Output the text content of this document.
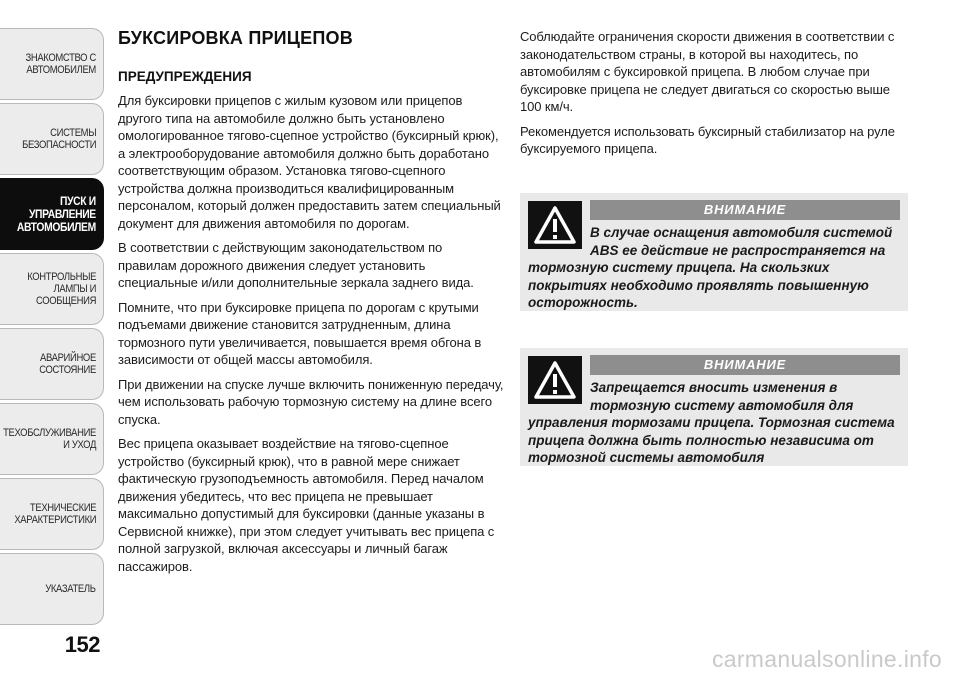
ЗНАКОМСТВО С
АВТОМОБИЛЕМ
СИСТЕМЫ
БЕЗОПАСНОСТИ
ПУСК И
УПРАВЛЕНИЕ
АВТОМОБИЛЕМ
КОНТРОЛЬНЫЕ
ЛАМПЫ И
СООБЩЕНИЯ
АВАРИЙНОЕ
СОСТОЯНИЕ
ТЕХОБСЛУЖИВАНИЕ
И УХОД
ТЕХНИЧЕСКИЕ
ХАРАКТЕРИСТИКИ
УКАЗАТЕЛЬ
152
БУКСИРОВКА ПРИЦЕПОВ
ПРЕДУПРЕЖДЕНИЯ

Для буксировки прицепов с жилым кузовом или прицепов другого типа на автомобиле должно быть установлено омологированное тягово-сцепное устройство (буксирный крюк), а электрооборудование автомобиля должно быть доработано соответствующим образом. Установка тягово-сцепного устройства должна производиться квалифицированным персоналом, который должен предоставить затем специальный документ для движения автомобиля по дорогам.

В соответствии с действующим законодательством по правилам дорожного движения следует установить специальные и/или дополнительные зеркала заднего вида.

Помните, что при буксировке прицепа по дорогам с крутыми подъемами движение становится затрудненным, длина тормозного пути увеличивается, повышается время обгона в зависимости от общей массы автомобиля.

При движении на спуске лучше включить пониженную передачу, чем использовать рабочую тормозную систему на длине всего спуска.

Вес прицепа оказывает воздействие на тягово-сцепное устройство (буксирный крюк), что в равной мере снижает фактическую грузоподъемность автомобиля. Перед началом движения убедитесь, что вес прицепа не превышает максимально допустимый для буксировки (данные указаны в Сервисной книжке), при этом следует учитывать вес прицепа с полной загрузкой, включая аксессуары и личный багаж пассажиров.

Соблюдайте ограничения скорости движения в соответствии с законодательством страны, в которой вы находитесь, по автомобилям с буксировкой прицепа. В любом случае при буксировке прицепа не следует двигаться со скоростью выше 100 км/ч.

Рекомендуется использовать буксирный стабилизатор на руле буксируемого прицепа.

ВНИМАНИЕ
В случае оснащения автомобиля системой ABS ее действие не распространяется на тормозную систему прицепа. На скользких покрытиях необходимо проявлять повышенную осторожность.
ВНИМАНИЕ
Запрещается вносить изменения в тормозную систему автомобиля для управления тормозами прицепа. Тормозная система прицепа должна быть полностью независима от тормозной системы автомобиля
carmanualsonline.info
